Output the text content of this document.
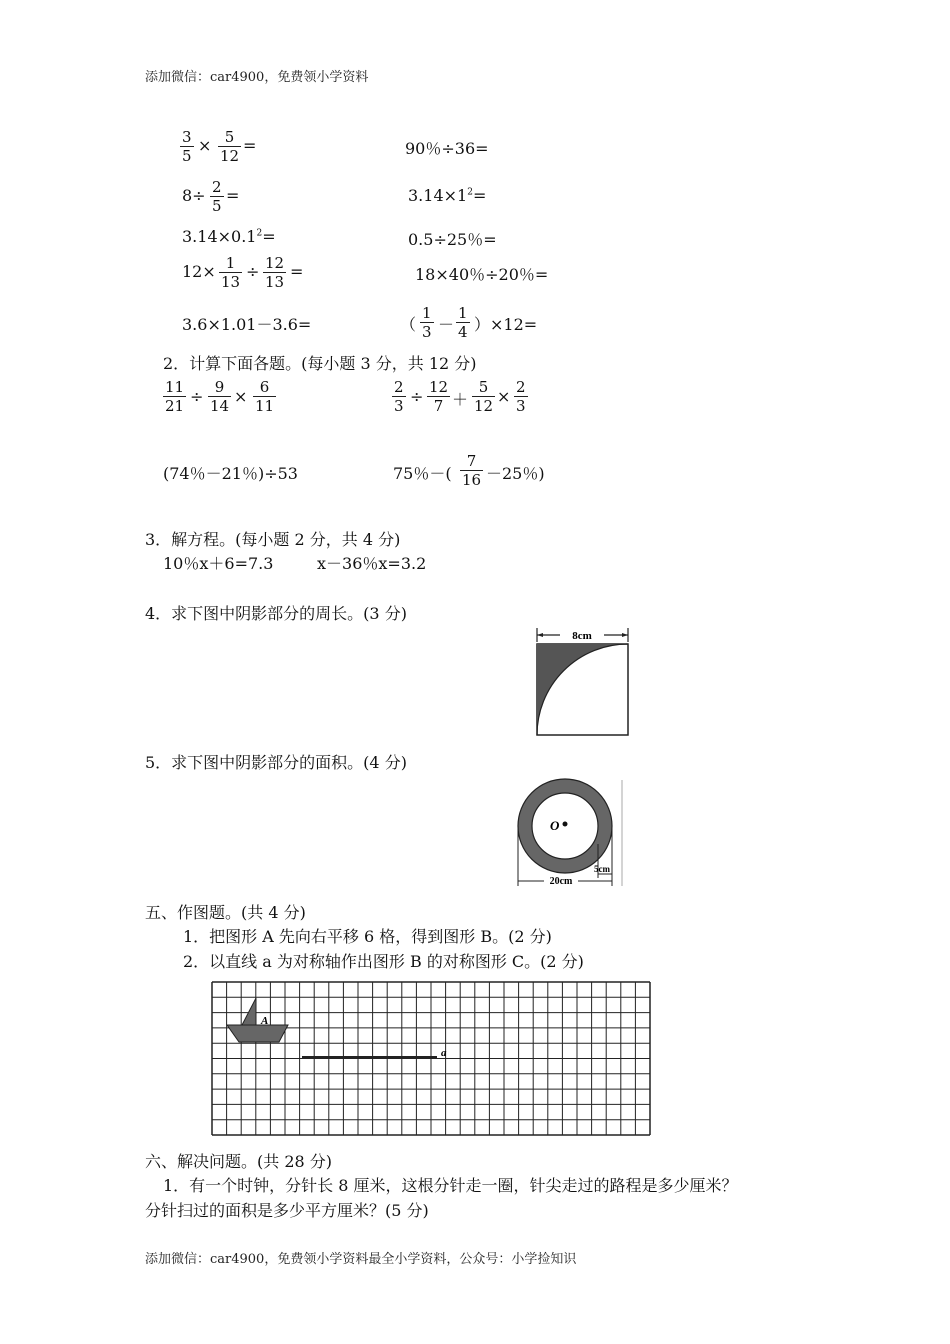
添加微信：car4900，免费领小学资料
$\frac{3}{5} \times \frac{5}{12}$ =	90％÷36=
$8\div \frac{2}{5}$ =	$3.14\times 1^2=$
$3.14\times 0.1^2=$	0.5÷25％=
$12\times \frac{1}{13} \div \frac{12}{13}$ =	18×40％÷20％=
3.6×1.01－3.6=	（ $\frac{1}{3} - \frac{1}{4} )\times 12=$
2．计算下面各题。(每小题 3 分，共 12 分)
$\frac{11}{21} \div \frac{9}{14} \times \frac{6}{11}$	$\frac{2}{3} \div \frac{12}{7} + \frac{5}{12} \times \frac{2}{3}$
(74％－21％)÷53	75％－( $\frac{7}{16} -25$％)
3．解方程。(每小题 2 分，共 4 分)
10％x＋6=7.3	x－36％x=3.2
4．求下图中阴影部分的周长。(3 分)
8cm
5．求下图中阴影部分的面积。(4 分)
O
20cm
5cm
五、作图题。(共 4 分)
1．把图形 A 先向右平移 6 格，得到图形 B。(2 分)
2．以直线 a 为对称轴作出图形 B 的对称图形 C。(2 分)
A
a
六、解决问题。(共 28 分)
1．有一个时钟，分针长 8 厘米，这根分针走一圈，针尖走过的路程是多少厘米？
分针扫过的面积是多少平方厘米？(5 分)
添加微信：car4900，免费领小学资料最全小学资料，公众号：小学捡知识
